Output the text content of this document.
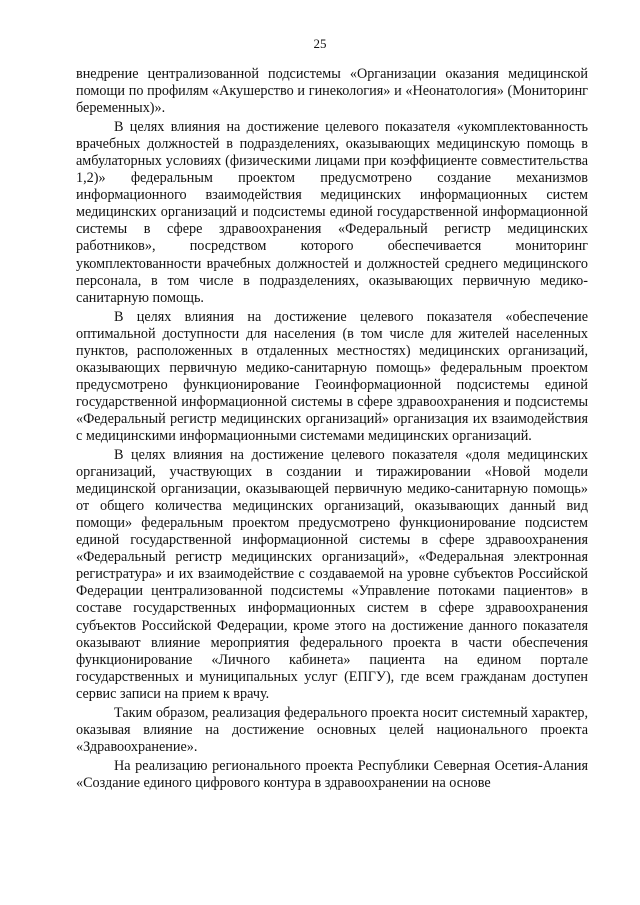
25

внедрение централизованной подсистемы «Организации оказания медицинской помощи по профилям «Акушерство и гинекология» и «Неонатология» (Мониторинг беременных)».

В целях влияния на достижение целевого показателя «укомплектованность врачебных должностей в подразделениях, оказывающих медицинскую помощь в амбулаторных условиях (физическими лицами при коэффициенте совместительства 1,2)» федеральным проектом предусмотрено создание механизмов информационного взаимодействия медицинских информационных систем медицинских организаций и подсистемы единой государственной информационной системы в сфере здравоохранения «Федеральный регистр медицинских работников», посредством которого обеспечивается мониторинг укомплектованности врачебных должностей и должностей среднего медицинского персонала, в том числе в подразделениях, оказывающих первичную медико-санитарную помощь.

В целях влияния на достижение целевого показателя «обеспечение оптимальной доступности для населения (в том числе для жителей населенных пунктов, расположенных в отдаленных местностях) медицинских организаций, оказывающих первичную медико-санитарную помощь» федеральным проектом предусмотрено функционирование Геоинформационной подсистемы единой государственной информационной системы в сфере здравоохранения и подсистемы «Федеральный регистр медицинских организаций» организация их взаимодействия с медицинскими информационными системами медицинских организаций.

В целях влияния на достижение целевого показателя «доля медицинских организаций, участвующих в создании и тиражировании «Новой модели медицинской организации, оказывающей первичную медико-санитарную помощь» от общего количества медицинских организаций, оказывающих данный вид помощи» федеральным проектом предусмотрено функционирование подсистем единой государственной информационной системы в сфере здравоохранения «Федеральный регистр медицинских организаций», «Федеральная электронная регистратура» и их взаимодействие с создаваемой на уровне субъектов Российской Федерации централизованной подсистемы «Управление потоками пациентов» в составе государственных информационных систем в сфере здравоохранения субъектов Российской Федерации, кроме этого на достижение данного показателя оказывают влияние мероприятия федерального проекта в части обеспечения функционирование «Личного кабинета» пациента на едином портале государственных и муниципальных услуг (ЕПГУ), где всем гражданам доступен сервис записи на прием к врачу.

Таким образом, реализация федерального проекта носит системный характер, оказывая влияние на достижение основных целей национального проекта «Здравоохранение».

На реализацию регионального проекта Республики Северная Осетия-Алания «Создание единого цифрового контура в здравоохранении на основе
